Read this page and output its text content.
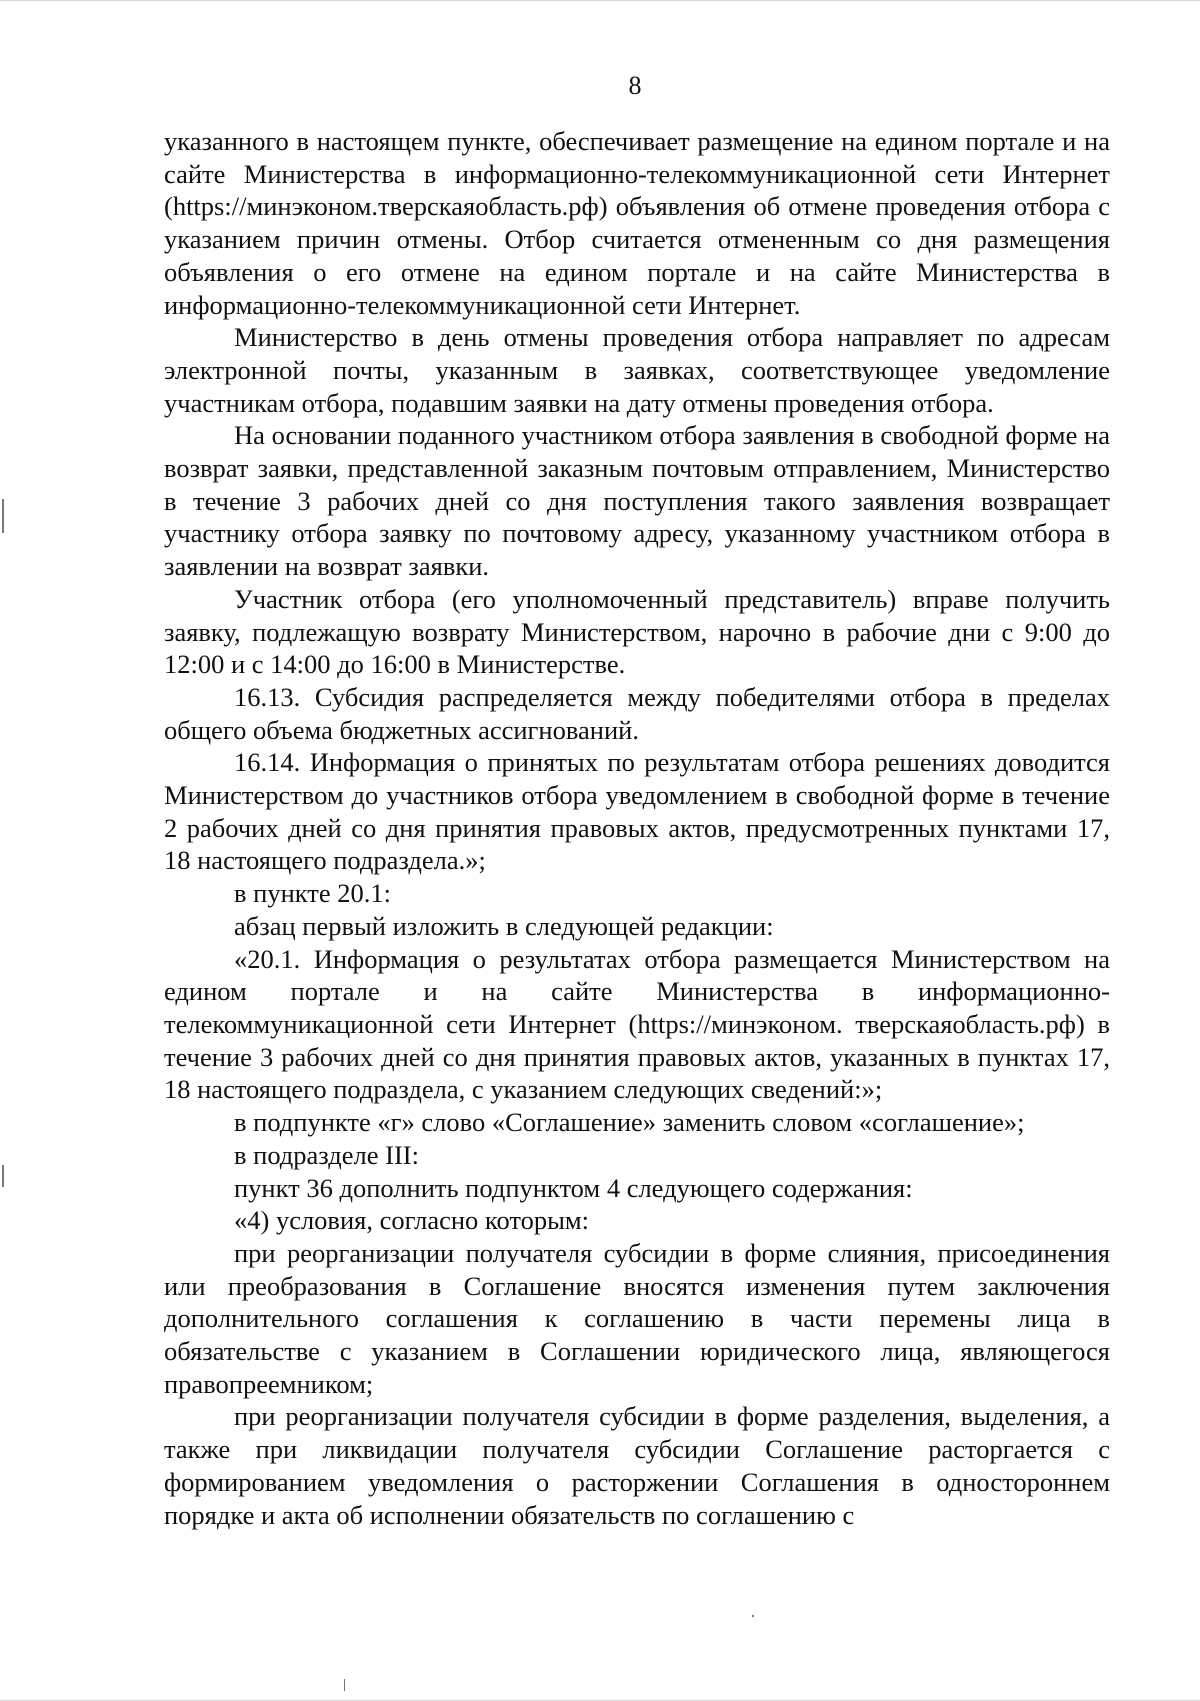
8

указанного в настоящем пункте, обеспечивает размещение на едином портале и на сайте Министерства в информационно-телекоммуникационной сети Интернет (https://минэконом.тверскаяобласть.рф) объявления об отмене проведения отбора с указанием причин отмены. Отбор считается отмененным со дня размещения объявления о его отмене на едином портале и на сайте Министерства в информационно-телекоммуникационной сети Интернет.

Министерство в день отмены проведения отбора направляет по адресам электронной почты, указанным в заявках, соответствующее уведомление участникам отбора, подавшим заявки на дату отмены проведения отбора.

На основании поданного участником отбора заявления в свободной форме на возврат заявки, представленной заказным почтовым отправлением, Министерство в течение 3 рабочих дней со дня поступления такого заявления возвращает участнику отбора заявку по почтовому адресу, указанному участником отбора в заявлении на возврат заявки.

Участник отбора (его уполномоченный представитель) вправе получить заявку, подлежащую возврату Министерством, нарочно в рабочие дни с 9:00 до 12:00 и с 14:00 до 16:00 в Министерстве.

16.13. Субсидия распределяется между победителями отбора в пределах общего объема бюджетных ассигнований.

16.14. Информация о принятых по результатам отбора решениях доводится Министерством до участников отбора уведомлением в свободной форме в течение 2 рабочих дней со дня принятия правовых актов, предусмотренных пунктами 17, 18 настоящего подраздела.»;

в пункте 20.1:

абзац первый изложить в следующей редакции:

«20.1. Информация о результатах отбора размещается Министерством на едином портале и на сайте Министерства в информационно-телекоммуникационной сети Интернет (https://минэконом. тверскаяобласть.рф) в течение 3 рабочих дней со дня принятия правовых актов, указанных в пунктах 17, 18 настоящего подраздела, с указанием следующих сведений:»;

в подпункте «г» слово «Соглашение» заменить словом «соглашение»;

в подразделе III:

пункт 36 дополнить подпунктом 4 следующего содержания:

«4) условия, согласно которым:

при реорганизации получателя субсидии в форме слияния, присоединения или преобразования в Соглашение вносятся изменения путем заключения дополнительного соглашения к соглашению в части перемены лица в обязательстве с указанием в Соглашении юридического лица, являющегося правопреемником;

при реорганизации получателя субсидии в форме разделения, выделения, а также при ликвидации получателя субсидии Соглашение расторгается с формированием уведомления о расторжении Соглашения в одностороннем порядке и акта об исполнении обязательств по соглашению с
